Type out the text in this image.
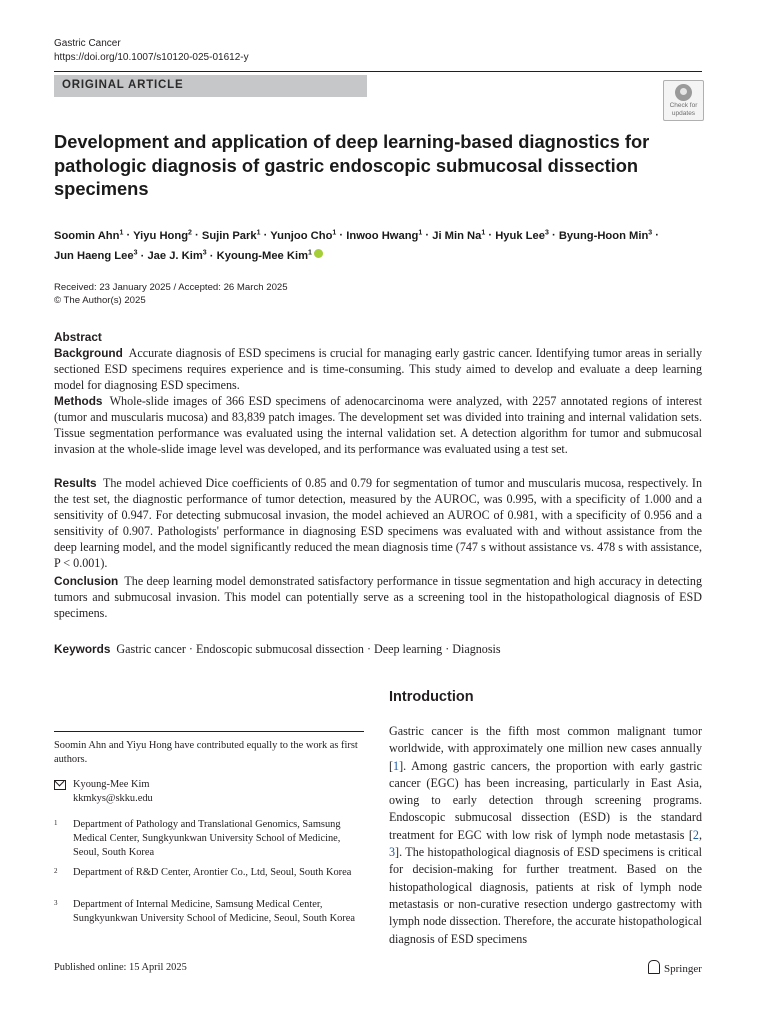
Gastric Cancer
https://doi.org/10.1007/s10120-025-01612-y
ORIGINAL ARTICLE
Check for updates
Development and application of deep learning-based diagnostics for pathologic diagnosis of gastric endoscopic submucosal dissection specimens
Soomin Ahn$^1$ · Yiyu Hong$^2$ · Sujin Park$^1$ · Yunjoo Cho$^1$ · Inwoo Hwang$^1$ · Ji Min $Na^1$ · Hyuk Lee$^3$ · Byung-Hoon Min$^3$ ·
Jun Haeng Lee$^3$ · Jae J. Kim$^3$ · Kyoung-Mee Kim$^1$
Received: 23 January 2025 / Accepted: 26 March 2025
© The Author(s) 2025
Abstract

Background Accurate diagnosis of ESD specimens is crucial for managing early gastric cancer. Identifying tumor areas in serially sectioned ESD specimens requires experience and is time-consuming. This study aimed to develop and evaluate a deep learning model for diagnosing ESD specimens.

Methods Whole-slide images of 366 ESD specimens of adenocarcinoma were analyzed, with 2257 annotated regions of interest (tumor and muscularis mucosa) and 83,839 patch images. The development set was divided into training and internal validation sets. Tissue segmentation performance was evaluated using the internal validation set. A detection algorithm for tumor and submucosal invasion at the whole-slide image level was developed, and its performance was evaluated using a test set.

Results The model achieved Dice coefficients of 0.85 and 0.79 for segmentation of tumor and muscularis mucosa, respectively. In the test set, the diagnostic performance of tumor detection, measured by the AUROC, was 0.995, with a specificity of 1.000 and a sensitivity of 0.947. For detecting submucosal invasion, the model achieved an AUROC of 0.981, with a specificity of 0.956 and a sensitivity of 0.907. Pathologists' performance in diagnosing ESD specimens was evaluated with and without assistance from the deep learning model, and the model significantly reduced the mean diagnosis time (747 s without assistance vs. 478 s with assistance, P < 0.001).

Conclusion The deep learning model demonstrated satisfactory performance in tissue segmentation and high accuracy in detecting tumors and submucosal invasion. This model can potentially serve as a screening tool in the histopathological diagnosis of ESD specimens.

Keywords Gastric cancer · Endoscopic submucosal dissection · Deep learning · Diagnosis

Introduction

Gastric cancer is the fifth most common malignant tumor worldwide, with approximately one million new cases annually [1]. Among gastric cancers, the proportion with early gastric cancer (EGC) has been increasing, particularly in East Asia, owing to early detection through screening programs. Endoscopic submucosal dissection (ESD) is the standard treatment for EGC with low risk of lymph node metastasis [2, 3]. The histopathological diagnosis of ESD specimens is critical for decision-making for further treatment. Based on the histopathological diagnosis, patients at risk of lymph node metastasis or non-curative resection undergo gastrectomy with lymph node dissection. Therefore, the accurate histopathological diagnosis of ESD specimens

Soomin Ahn and Yiyu Hong have contributed equally to the work as first authors.
Kyoung-Mee Kim
kkmkys@skku.edu
1 Department of Pathology and Translational Genomics, Samsung Medical Center, Sungkyunkwan University School of Medicine, Seoul, South Korea
2 Department of R&D Center, Arontier Co., Ltd, Seoul, South Korea
3 Department of Internal Medicine, Samsung Medical Center, Sungkyunkwan University School of Medicine, Seoul, South Korea
Published online: 15 April 2025	Springer
